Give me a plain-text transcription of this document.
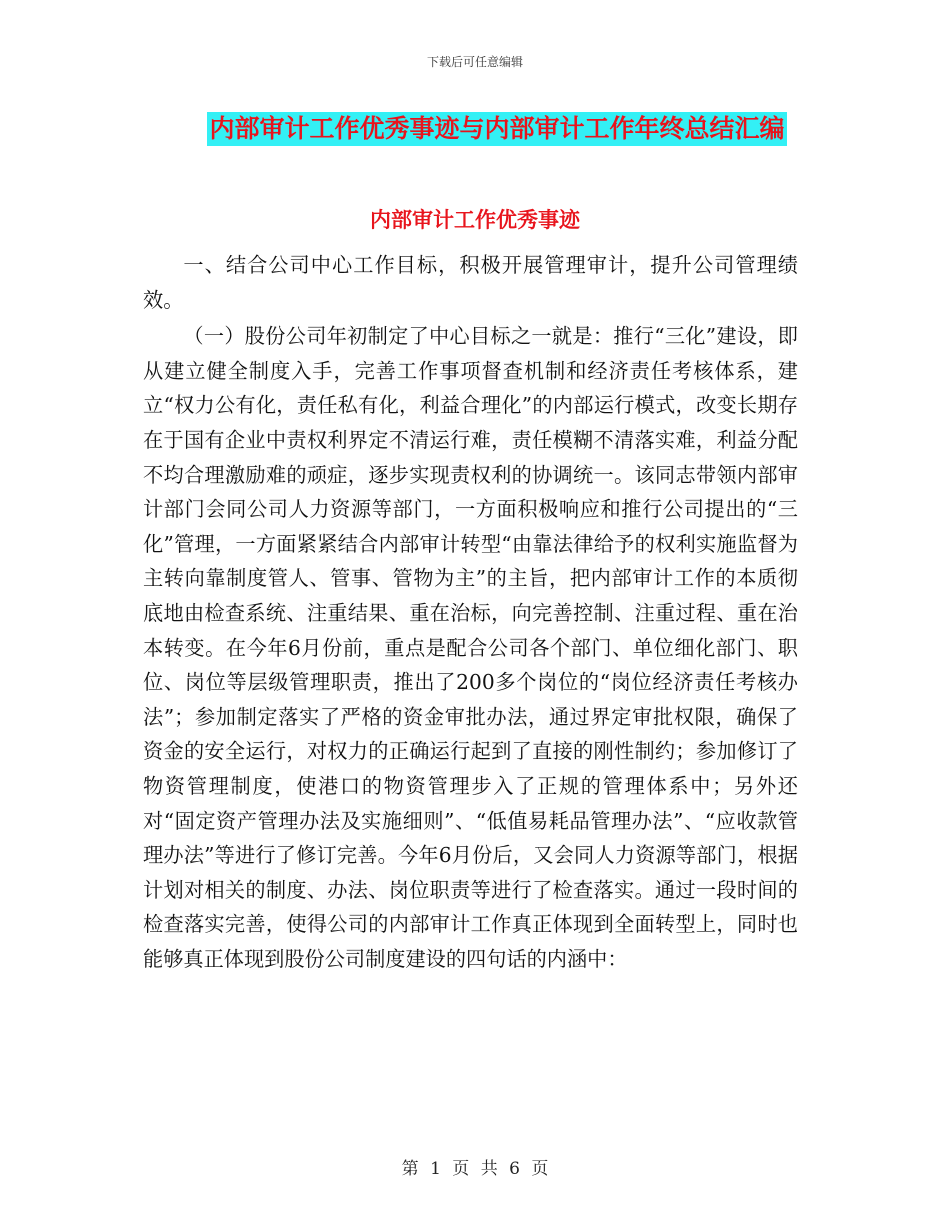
下载后可任意编辑
内部审计工作优秀事迹与内部审计工作年终总结汇编
内部审计工作优秀事迹

一、结合公司中心工作目标，积极开展管理审计，提升公司管理绩效。

（一）股份公司年初制定了中心目标之一就是：推行“三化”建设，即从建立健全制度入手，完善工作事项督查机制和经济责任考核体系，建立“权力公有化，责任私有化，利益合理化”的内部运行模式，改变长期存在于国有企业中责权利界定不清运行难，责任模糊不清落实难，利益分配不均合理激励难的顽症，逐步实现责权利的协调统一。该同志带领内部审计部门会同公司人力资源等部门，一方面积极响应和推行公司提出的“三化”管理，一方面紧紧结合内部审计转型“由靠法律给予的权利实施监督为主转向靠制度管人、管事、管物为主”的主旨，把内部审计工作的本质彻底地由检查系统、注重结果、重在治标，向完善控制、注重过程、重在治本转变。在今年6月份前，重点是配合公司各个部门、单位细化部门、职位、岗位等层级管理职责，推出了200多个岗位的“岗位经济责任考核办法”；参加制定落实了严格的资金审批办法，通过界定审批权限，确保了资金的安全运行，对权力的正确运行起到了直接的刚性制约；参加修订了物资管理制度，使港口的物资管理步入了正规的管理体系中；另外还对“固定资产管理办法及实施细则”、“低值易耗品管理办法”、“应收款管理办法”等进行了修订完善。今年6月份后，又会同人力资源等部门，根据计划对相关的制度、办法、岗位职责等进行了检查落实。通过一段时间的检查落实完善，使得公司的内部审计工作真正体现到全面转型上，同时也能够真正体现到股份公司制度建设的四句话的内涵中：

第 1 页 共 6 页
